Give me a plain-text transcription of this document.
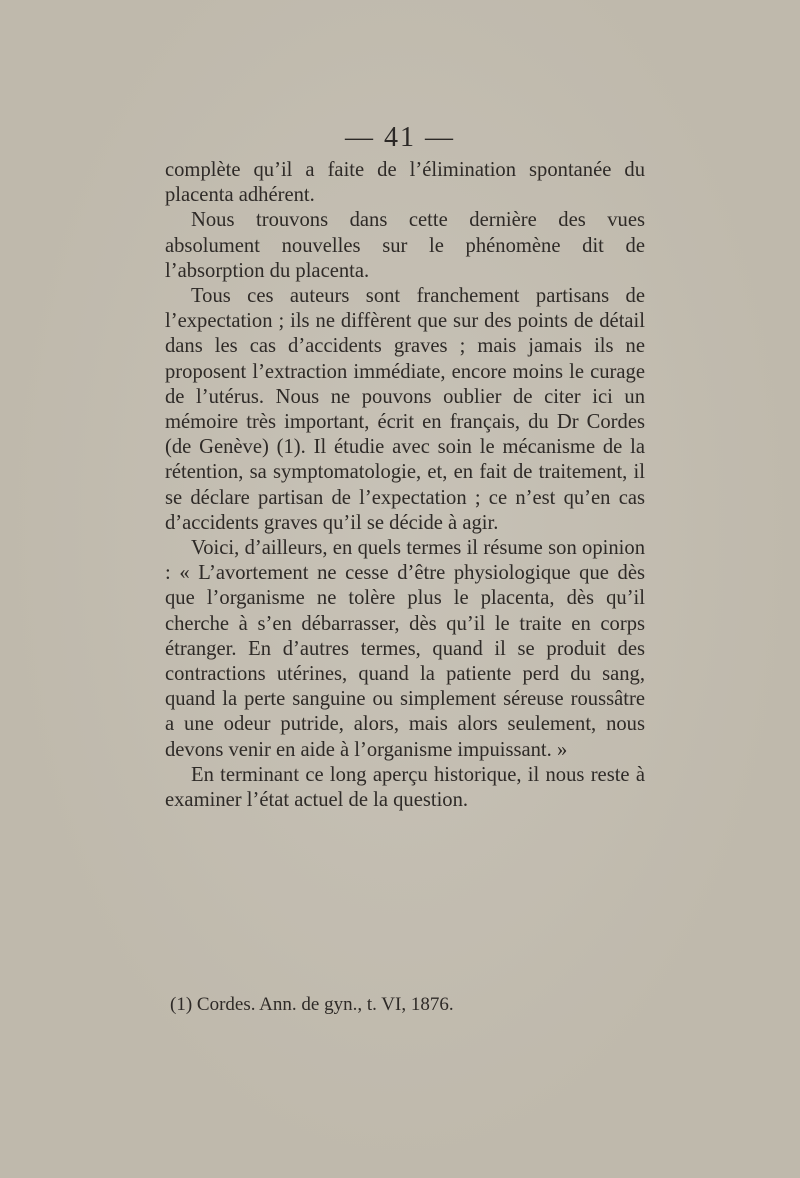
— 41 —

complète qu’il a faite de l’élimination spontanée du placenta adhérent.

Nous trouvons dans cette dernière des vues absolument nouvelles sur le phénomène dit de l’absorption du placenta.

Tous ces auteurs sont franchement partisans de l’expectation ; ils ne diffèrent que sur des points de détail dans les cas d’accidents graves ; mais jamais ils ne proposent l’extraction immédiate, encore moins le curage de l’utérus. Nous ne pouvons oublier de citer ici un mémoire très important, écrit en français, du Dr Cordes (de Genève) (1). Il étudie avec soin le mécanisme de la rétention, sa symptomatologie, et, en fait de traitement, il se déclare partisan de l’expectation ; ce n’est qu’en cas d’accidents graves qu’il se décide à agir.

Voici, d’ailleurs, en quels termes il résume son opinion : « L’avortement ne cesse d’être physiologique que dès que l’organisme ne tolère plus le placenta, dès qu’il cherche à s’en débarrasser, dès qu’il le traite en corps étranger. En d’autres termes, quand il se produit des contractions utérines, quand la patiente perd du sang, quand la perte sanguine ou simplement séreuse roussâtre a une odeur putride, alors, mais alors seulement, nous devons venir en aide à l’organisme impuissant. »

En terminant ce long aperçu historique, il nous reste à examiner l’état actuel de la question.

(1) Cordes. Ann. de gyn., t. VI, 1876.
